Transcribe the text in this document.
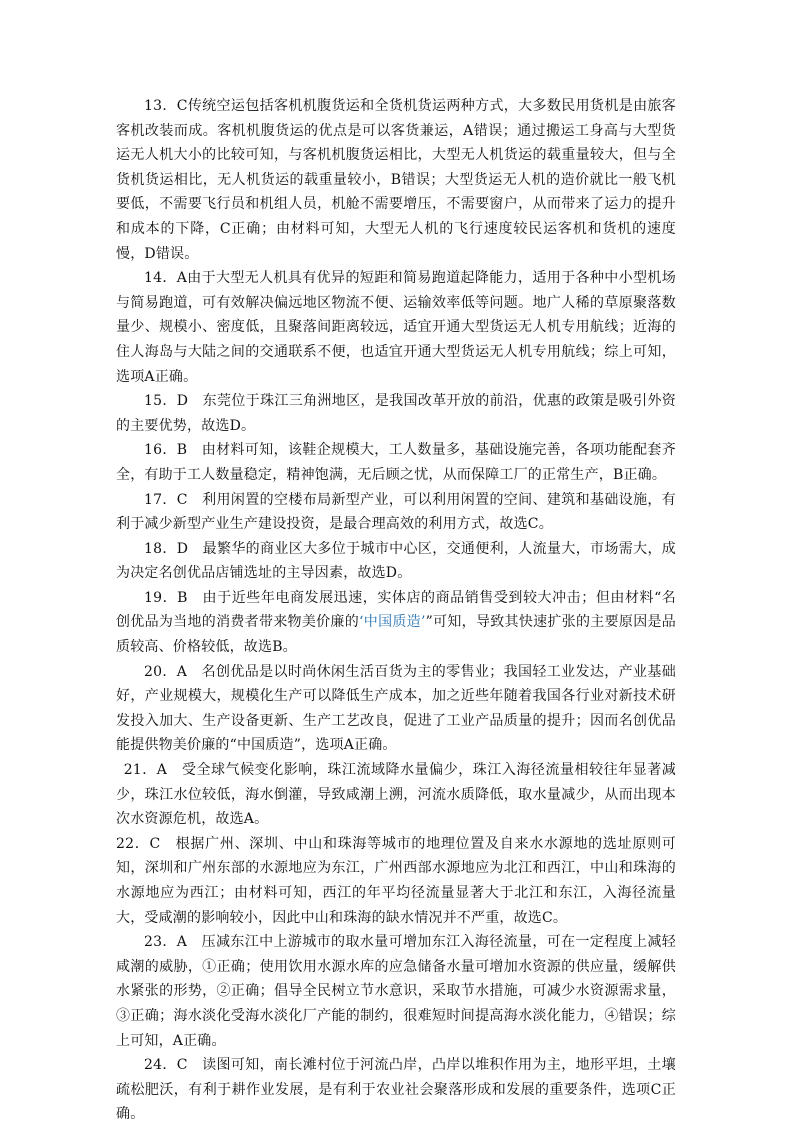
13．C传统空运包括客机机腹货运和全货机货运两种方式，大多数民用货机是由旅客客机改装而成。客机机腹货运的优点是可以客货兼运，A错误；通过搬运工身高与大型货运无人机大小的比较可知，与客机机腹货运相比，大型无人机货运的载重量较大，但与全货机货运相比，无人机货运的载重量较小，B错误；大型货运无人机的造价就比一般飞机要低，不需要飞行员和机组人员，机舱不需要增压，不需要窗户，从而带来了运力的提升和成本的下降，C正确；由材料可知，大型无人机的飞行速度较民运客机和货机的速度慢，D错误。

14．A由于大型无人机具有优异的短距和简易跑道起降能力，适用于各种中小型机场与简易跑道，可有效解决偏远地区物流不便、运输效率低等问题。地广人稀的草原聚落数量少、规模小、密度低，且聚落间距离较远，适宜开通大型货运无人机专用航线；近海的住人海岛与大陆之间的交通联系不便，也适宜开通大型货运无人机专用航线；综上可知，选项A正确。

15．D　东莞位于珠江三角洲地区，是我国改革开放的前沿，优惠的政策是吸引外资的主要优势，故选D。

16．B　由材料可知，该鞋企规模大，工人数量多，基础设施完善，各项功能配套齐全，有助于工人数量稳定，精神饱满，无后顾之忧，从而保障工厂的正常生产，B正确。

17．C　利用闲置的空楼布局新型产业，可以利用闲置的空间、建筑和基础设施，有利于减少新型产业生产建设投资，是最合理高效的利用方式，故选C。

18．D　最繁华的商业区大多位于城市中心区，交通便利，人流量大，市场需大，成为决定名创优品店铺选址的主导因素，故选D。

19．B　由于近些年电商发展迅速，实体店的商品销售受到较大冲击；但由材料“名创优品为当地的消费者带来物美价廉的‘中国质造’”可知，导致其快速扩张的主要原因是品质较高、价格较低，故选B。

20．A　名创优品是以时尚休闲生活百货为主的零售业；我国轻工业发达，产业基础好，产业规模大，规模化生产可以降低生产成本，加之近些年随着我国各行业对新技术研发投入加大、生产设备更新、生产工艺改良，促进了工业产品质量的提升；因而名创优品能提供物美价廉的“中国质造”，选项A正确。

21．A　受全球气候变化影响，珠江流域降水量偏少，珠江入海径流量相较往年显著减少，珠江水位较低，海水倒灌，导致咸潮上溯，河流水质降低，取水量减少，从而出现本次水资源危机，故选A。

22．C　根据广州、深圳、中山和珠海等城市的地理位置及自来水水源地的选址原则可知，深圳和广州东部的水源地应为东江，广州西部水源地应为北江和西江，中山和珠海的水源地应为西江；由材料可知，西江的年平均径流量显著大于北江和东江，入海径流量大，受咸潮的影响较小，因此中山和珠海的缺水情况并不严重，故选C。

23．A　压减东江中上游城市的取水量可增加东江入海径流量，可在一定程度上减轻咸潮的威胁，①正确；使用饮用水源水库的应急储备水量可增加水资源的供应量，缓解供水紧张的形势，②正确；倡导全民树立节水意识，采取节水措施，可减少水资源需求量，③正确；海水淡化受海水淡化厂产能的制约，很难短时间提高海水淡化能力，④错误；综上可知，A正确。

24．C　读图可知，南长滩村位于河流凸岸，凸岸以堆积作用为主，地形平坦，土壤疏松肥沃，有利于耕作业发展，是有利于农业社会聚落形成和发展的重要条件，选项C正确。
